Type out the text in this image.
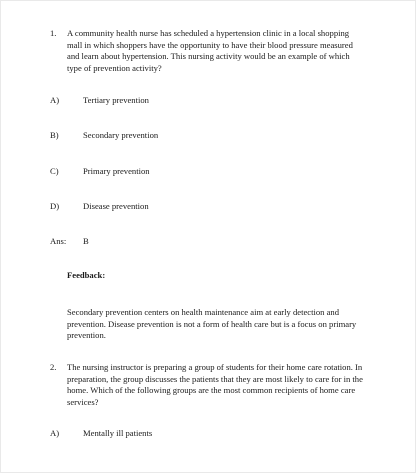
1.	A community health nurse has scheduled a hypertension clinic in a local shopping mall in which shoppers have the opportunity to have their blood pressure measured and learn about hypertension. This nursing activity would be an example of which type of prevention activity?
A)	Tertiary prevention
B)	Secondary prevention
C)	Primary prevention
D)	Disease prevention
Ans:	B
Feedback:
Secondary prevention centers on health maintenance aim at early detection and prevention. Disease prevention is not a form of health care but is a focus on primary prevention.
2.	The nursing instructor is preparing a group of students for their home care rotation. In preparation, the group discusses the patients that they are most likely to care for in the home. Which of the following groups are the most common recipients of home care services?
A)	Mentally ill patients
